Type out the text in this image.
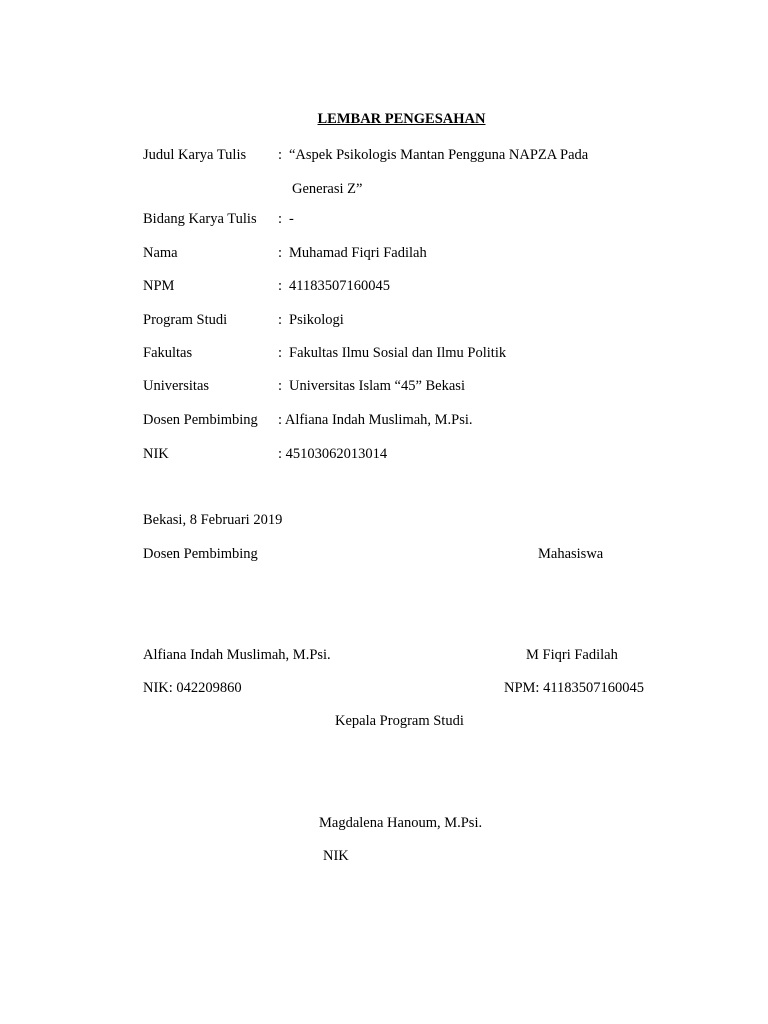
LEMBAR PENGESAHAN
Judul Karya Tulis : “Aspek Psikologis Mantan Pengguna NAPZA Pada
Generasi Z”
Bidang Karya Tulis : -
Nama	: Muhamad Fiqri Fadilah
NPM	: 41183507160045
Program Studi	: Psikologi
Fakultas	: Fakultas Ilmu Sosial dan Ilmu Politik
Universitas	: Universitas Islam “45” Bekasi
Dosen Pembimbing : Alfiana Indah Muslimah, M.Psi.
NIK	: 45103062013014
Bekasi, 8 Februari 2019
Dosen Pembimbing	Mahasiswa
Alfiana Indah Muslimah, M.Psi.	M Fiqri Fadilah
NIK: 042209860	NPM: 41183507160045
Kepala Program Studi
Magdalena Hanoum, M.Psi.
NIK
